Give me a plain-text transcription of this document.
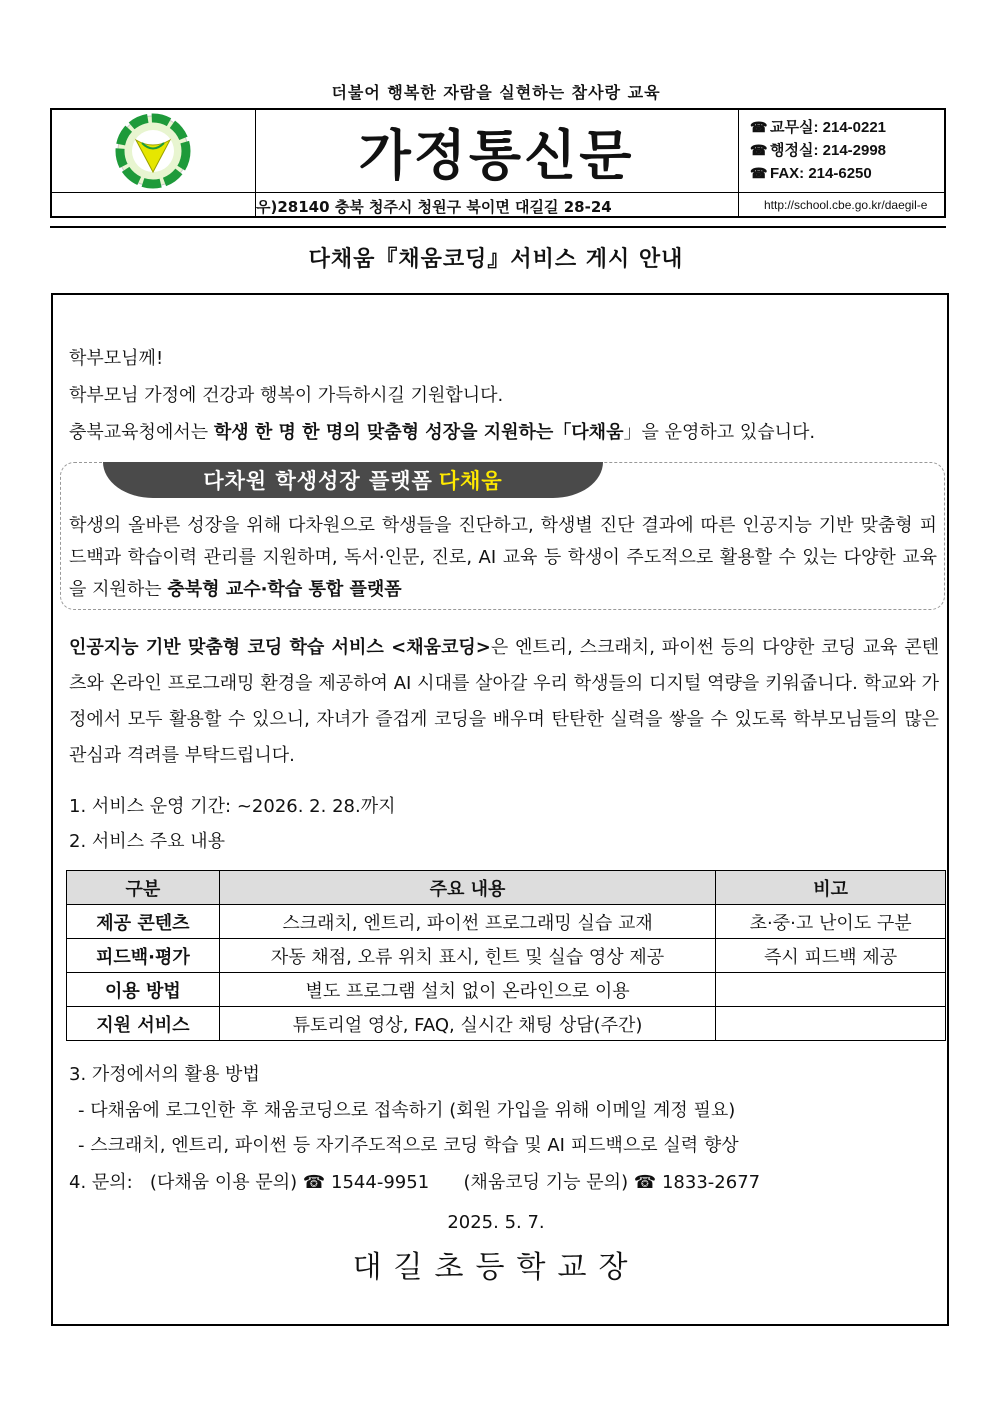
더불어 행복한 자람을 실현하는 참사랑 교육
가정통신문	☎ 교무실: 214-0221
☎ 행정실: 214-2998
☎ FAX: 214-6250
우)28140 충북 청주시 청원구 북이면 대길길 28-24	http://school.cbe.go.kr/daegil-e
다채움『채움코딩』서비스 게시 안내
학부모님께!
학부모님 가정에 건강과 행복이 가득하시길 기원합니다.
충북교육청에서는 학생 한 명 한 명의 맞춤형 성장을 지원하는「다채움」을 운영하고 있습니다.
다차원 학생성장 플랫폼 다채움
학생의 올바른 성장을 위해 다차원으로 학생들을 진단하고, 학생별 진단 결과에 따른 인공지능 기반 맞춤형 피드백과 학습이력 관리를 지원하며, 독서·인문, 진로, AI 교육 등 학생이 주도적으로 활용할 수 있는 다양한 교육을 지원하는 충북형 교수·학습 통합 플랫폼
인공지능 기반 맞춤형 코딩 학습 서비스 <채움코딩>은 엔트리, 스크래치, 파이썬 등의 다양한 코딩 교육 콘텐츠와 온라인 프로그래밍 환경을 제공하여 AI 시대를 살아갈 우리 학생들의 디지털 역량을 키워줍니다. 학교와 가정에서 모두 활용할 수 있으니, 자녀가 즐겁게 코딩을 배우며 탄탄한 실력을 쌓을 수 있도록 학부모님들의 많은 관심과 격려를 부탁드립니다.
1. 서비스 운영 기간: ~2026. 2. 28.까지
2. 서비스 주요 내용
구분	주요 내용	비고
제공 콘텐츠	스크래치, 엔트리, 파이썬 프로그래밍 실습 교재	초·중·고 난이도 구분
피드백·평가	자동 채점, 오류 위치 표시, 힌트 및 실습 영상 제공	즉시 피드백 제공
이용 방법	별도 프로그램 설치 없이 온라인으로 이용	
지원 서비스	튜토리얼 영상, FAQ, 실시간 채팅 상담(주간)	
3. 가정에서의 활용 방법
- 다채움에 로그인한 후 채움코딩으로 접속하기 (회원 가입을 위해 이메일 계정 필요)
- 스크래치, 엔트리, 파이썬 등 자기주도적으로 코딩 학습 및 AI 피드백으로 실력 향상
4. 문의: (다채움 이용 문의) ☎ 1544-9951 (채움코딩 기능 문의) ☎ 1833-2677
2025. 5. 7.
대길초등학교장
